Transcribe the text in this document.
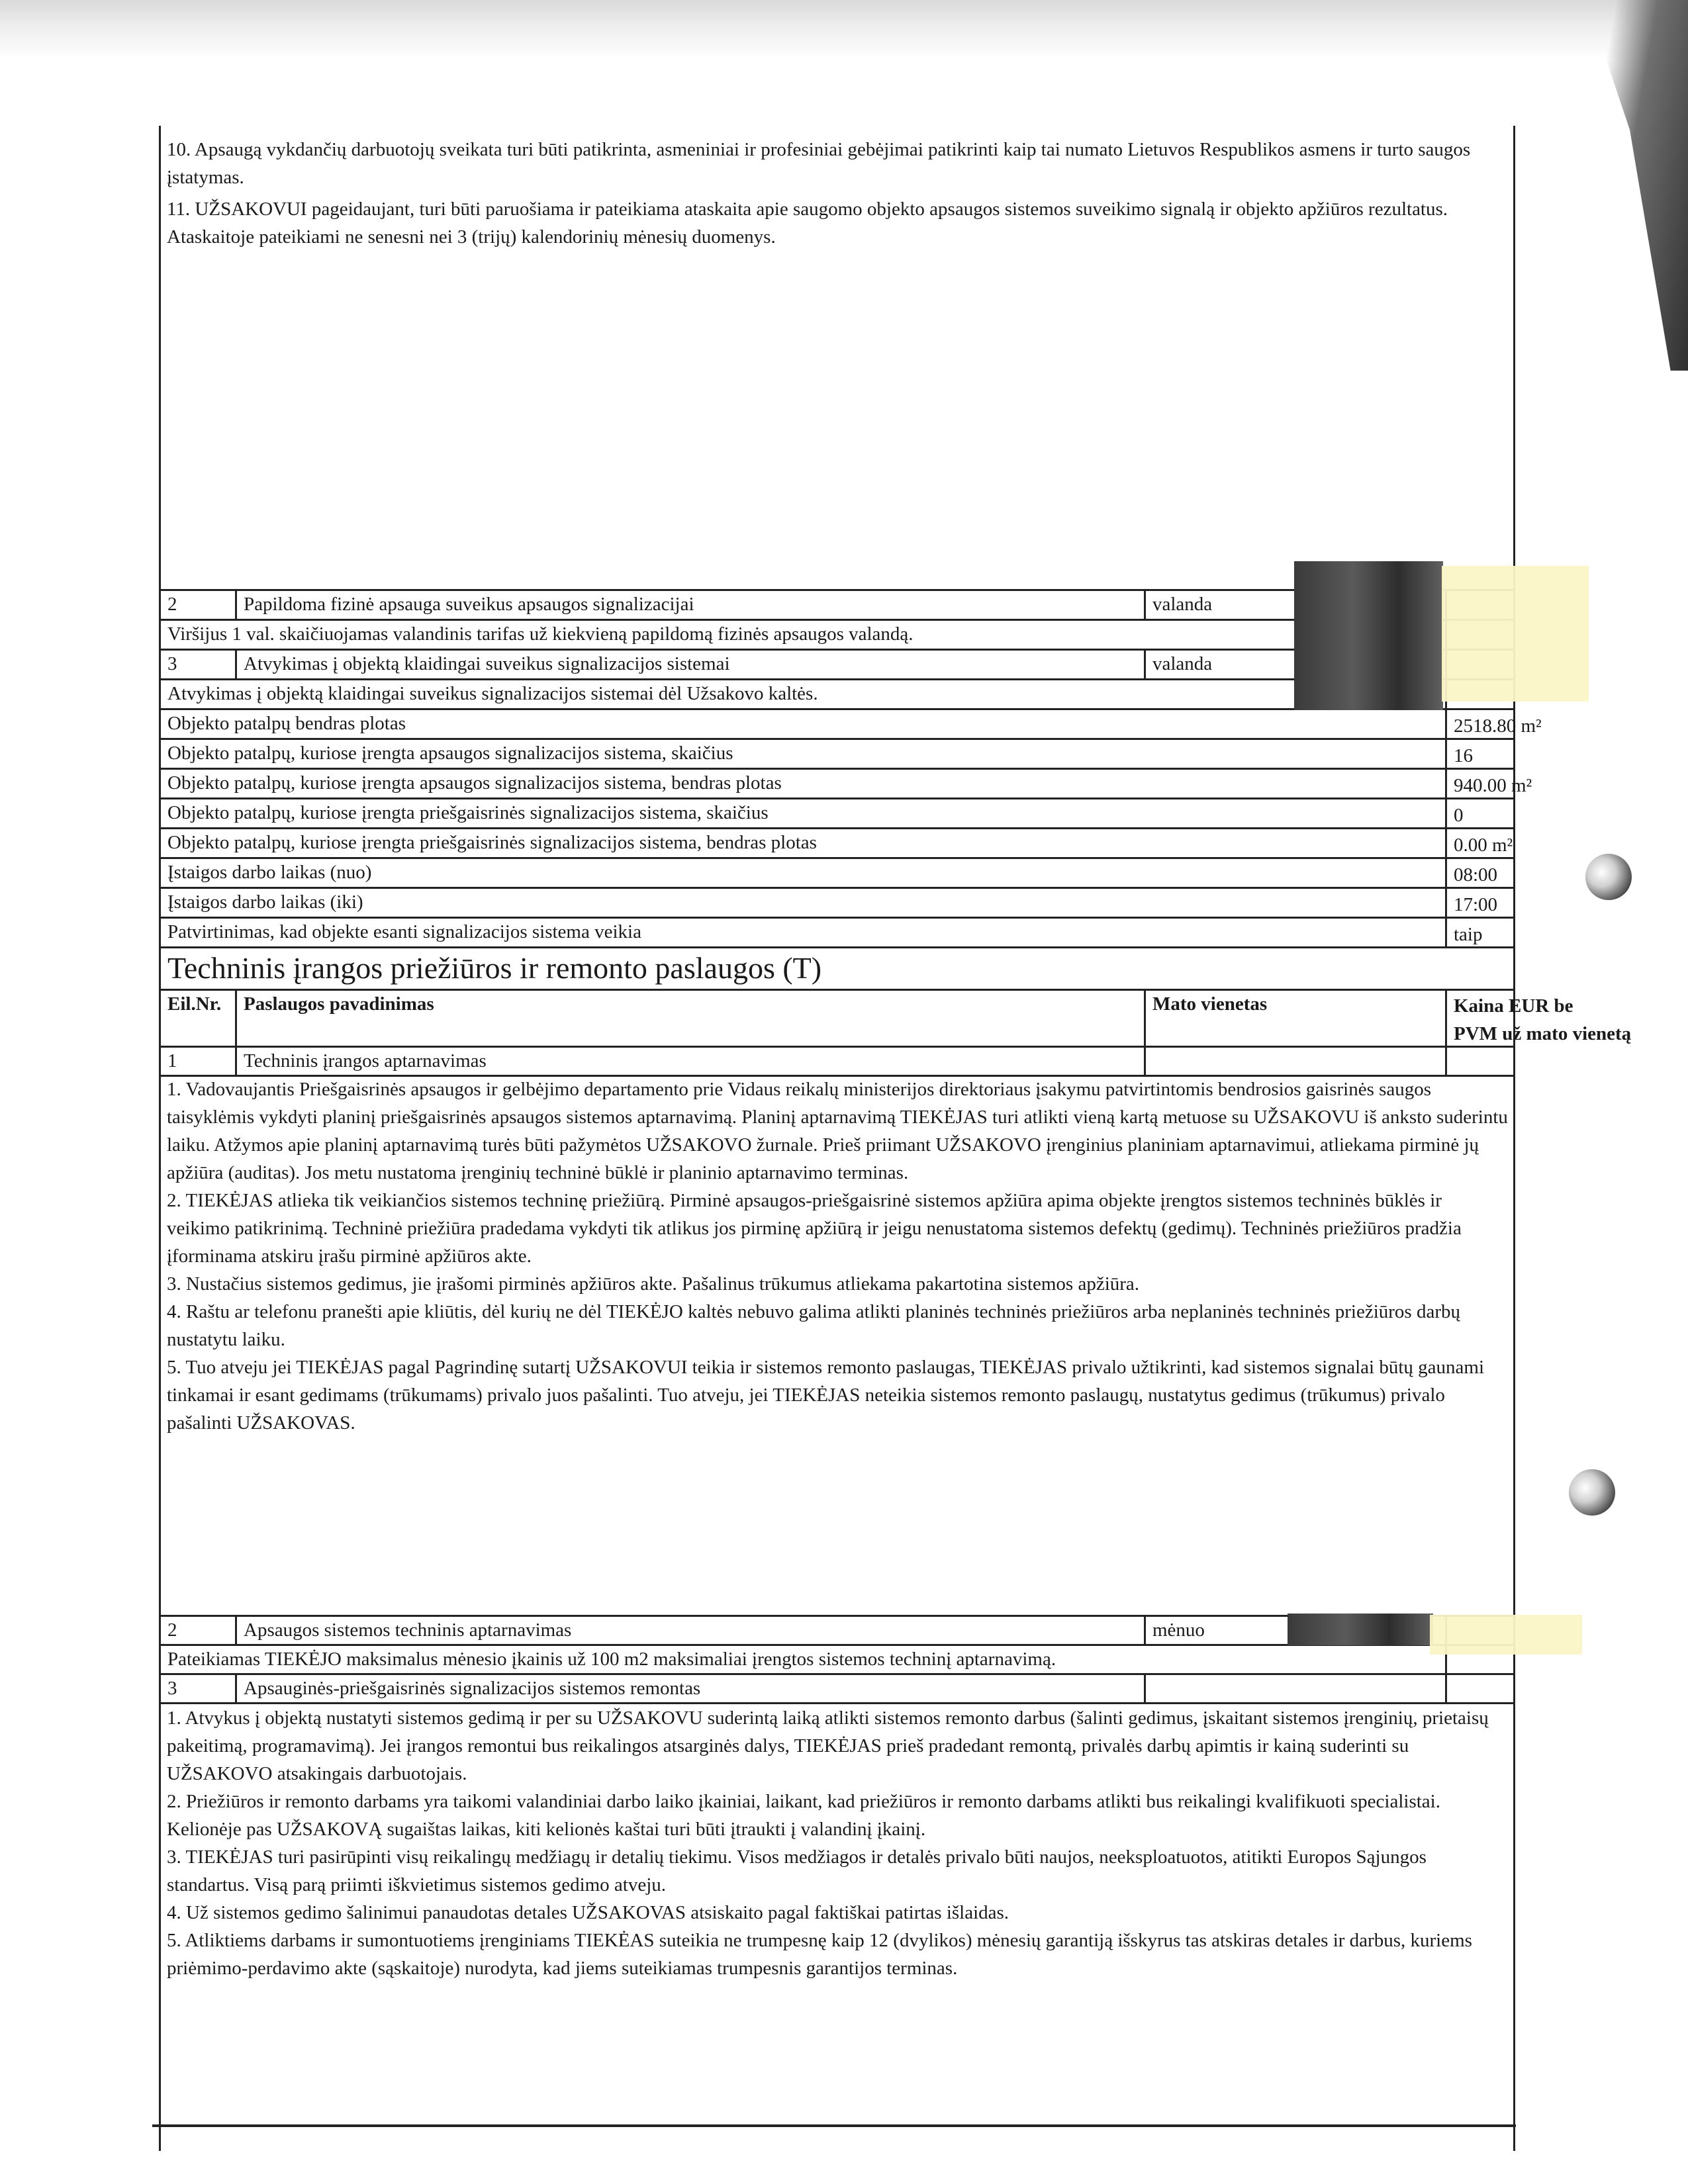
10. Apsaugą vykdančių darbuotojų sveikata turi būti patikrinta, asmeniniai ir profesiniai gebėjimai patikrinti kaip tai numato Lietuvos Respublikos asmens ir turto saugos įstatymas.

11. UŽSAKOVUI pageidaujant, turi būti paruošiama ir pateikiama ataskaita apie saugomo objekto apsaugos sistemos suveikimo signalą ir objekto apžiūros rezultatus. Ataskaitoje pateikiami ne senesni nei 3 (trijų) kalendorinių mėnesių duomenys.

2	Papildoma fizinė apsauga suveikus apsaugos signalizacijai	valanda
Viršijus 1 val. skaičiuojamas valandinis tarifas už kiekvieną papildomą fizinės apsaugos valandą.
3	Atvykimas į objektą klaidingai suveikus signalizacijos sistemai	valanda
Atvykimas į objektą klaidingai suveikus signalizacijos sistemai dėl Užsakovo kaltės.
Objekto patalpų bendras plotas	2518.80 m²
Objekto patalpų, kuriose įrengta apsaugos signalizacijos sistema, skaičius	16
Objekto patalpų, kuriose įrengta apsaugos signalizacijos sistema, bendras plotas	940.00 m²
Objekto patalpų, kuriose įrengta priešgaisrinės signalizacijos sistema, skaičius	0
Objekto patalpų, kuriose įrengta priešgaisrinės signalizacijos sistema, bendras plotas	0.00 m²
Įstaigos darbo laikas (nuo)	08:00
Įstaigos darbo laikas (iki)	17:00
Patvirtinimas, kad objekte esanti signalizacijos sistema veikia	taip
Techninis įrangos priežiūros ir remonto paslaugos (T)
Eil.Nr.	Paslaugos pavadinimas	Mato vienetas	Kaina EUR be
PVM už mato vienetą
1	Techninis įrangos aptarnavimas
1. Vadovaujantis Priešgaisrinės apsaugos ir gelbėjimo departamento prie Vidaus reikalų ministerijos direktoriaus įsakymu patvirtintomis bendrosios gaisrinės saugos taisyklėmis vykdyti planinį priešgaisrinės apsaugos sistemos aptarnavimą. Planinį aptarnavimą TIEKĖJAS turi atlikti vieną kartą metuose su UŽSAKOVU iš anksto suderintu laiku. Atžymos apie planinį aptarnavimą turės būti pažymėtos UŽSAKOVO žurnale. Prieš priimant UŽSAKOVO įrenginius planiniam aptarnavimui, atliekama pirminė jų apžiūra (auditas). Jos metu nustatoma įrenginių techninė būklė ir planinio aptarnavimo terminas.
2. TIEKĖJAS atlieka tik veikiančios sistemos techninę priežiūrą. Pirminė apsaugos-priešgaisrinė sistemos apžiūra apima objekte įrengtos sistemos techninės būklės ir veikimo patikrinimą. Techninė priežiūra pradedama vykdyti tik atlikus jos pirminę apžiūrą ir jeigu nenustatoma sistemos defektų (gedimų). Techninės priežiūros pradžia įforminama atskiru įrašu pirminė apžiūros akte.
3. Nustačius sistemos gedimus, jie įrašomi pirminės apžiūros akte. Pašalinus trūkumus atliekama pakartotina sistemos apžiūra.
4. Raštu ar telefonu pranešti apie kliūtis, dėl kurių ne dėl TIEKĖJO kaltės nebuvo galima atlikti planinės techninės priežiūros arba neplaninės techninės priežiūros darbų nustatytu laiku.
5. Tuo atveju jei TIEKĖJAS pagal Pagrindinę sutartį UŽSAKOVUI teikia ir sistemos remonto paslaugas, TIEKĖJAS privalo užtikrinti, kad sistemos signalai būtų gaunami tinkamai ir esant gedimams (trūkumams) privalo juos pašalinti. Tuo atveju, jei TIEKĖJAS neteikia sistemos remonto paslaugų, nustatytus gedimus (trūkumus) privalo pašalinti UŽSAKOVAS.
2	Apsaugos sistemos techninis aptarnavimas	mėnuo
Pateikiamas TIEKĖJO maksimalus mėnesio įkainis už 100 m2 maksimaliai įrengtos sistemos techninį aptarnavimą.
3	Apsauginės-priešgaisrinės signalizacijos sistemos remontas
1. Atvykus į objektą nustatyti sistemos gedimą ir per su UŽSAKOVU suderintą laiką atlikti sistemos remonto darbus (šalinti gedimus, įskaitant sistemos įrenginių, prietaisų pakeitimą, programavimą). Jei įrangos remontui bus reikalingos atsarginės dalys, TIEKĖJAS prieš pradedant remontą, privalės darbų apimtis ir kainą suderinti su UŽSAKOVO atsakingais darbuotojais.
2. Priežiūros ir remonto darbams yra taikomi valandiniai darbo laiko įkainiai, laikant, kad priežiūros ir remonto darbams atlikti bus reikalingi kvalifikuoti specialistai. Kelionėje pas UŽSAKOVĄ sugaištas laikas, kiti kelionės kaštai turi būti įtraukti į valandinį įkainį.
3. TIEKĖJAS turi pasirūpinti visų reikalingų medžiagų ir detalių tiekimu. Visos medžiagos ir detalės privalo būti naujos, neeksploatuotos, atitikti Europos Sąjungos standartus. Visą parą priimti iškvietimus sistemos gedimo atveju.
4. Už sistemos gedimo šalinimui panaudotas detales UŽSAKOVAS atsiskaito pagal faktiškai patirtas išlaidas.
5. Atliktiems darbams ir sumontuotiems įrenginiams TIEKĖAS suteikia ne trumpesnę kaip 12 (dvylikos) mėnesių garantiją išskyrus tas atskiras detales ir darbus, kuriems priėmimo-perdavimo akte (sąskaitoje) nurodyta, kad jiems suteikiamas trumpesnis garantijos terminas.
